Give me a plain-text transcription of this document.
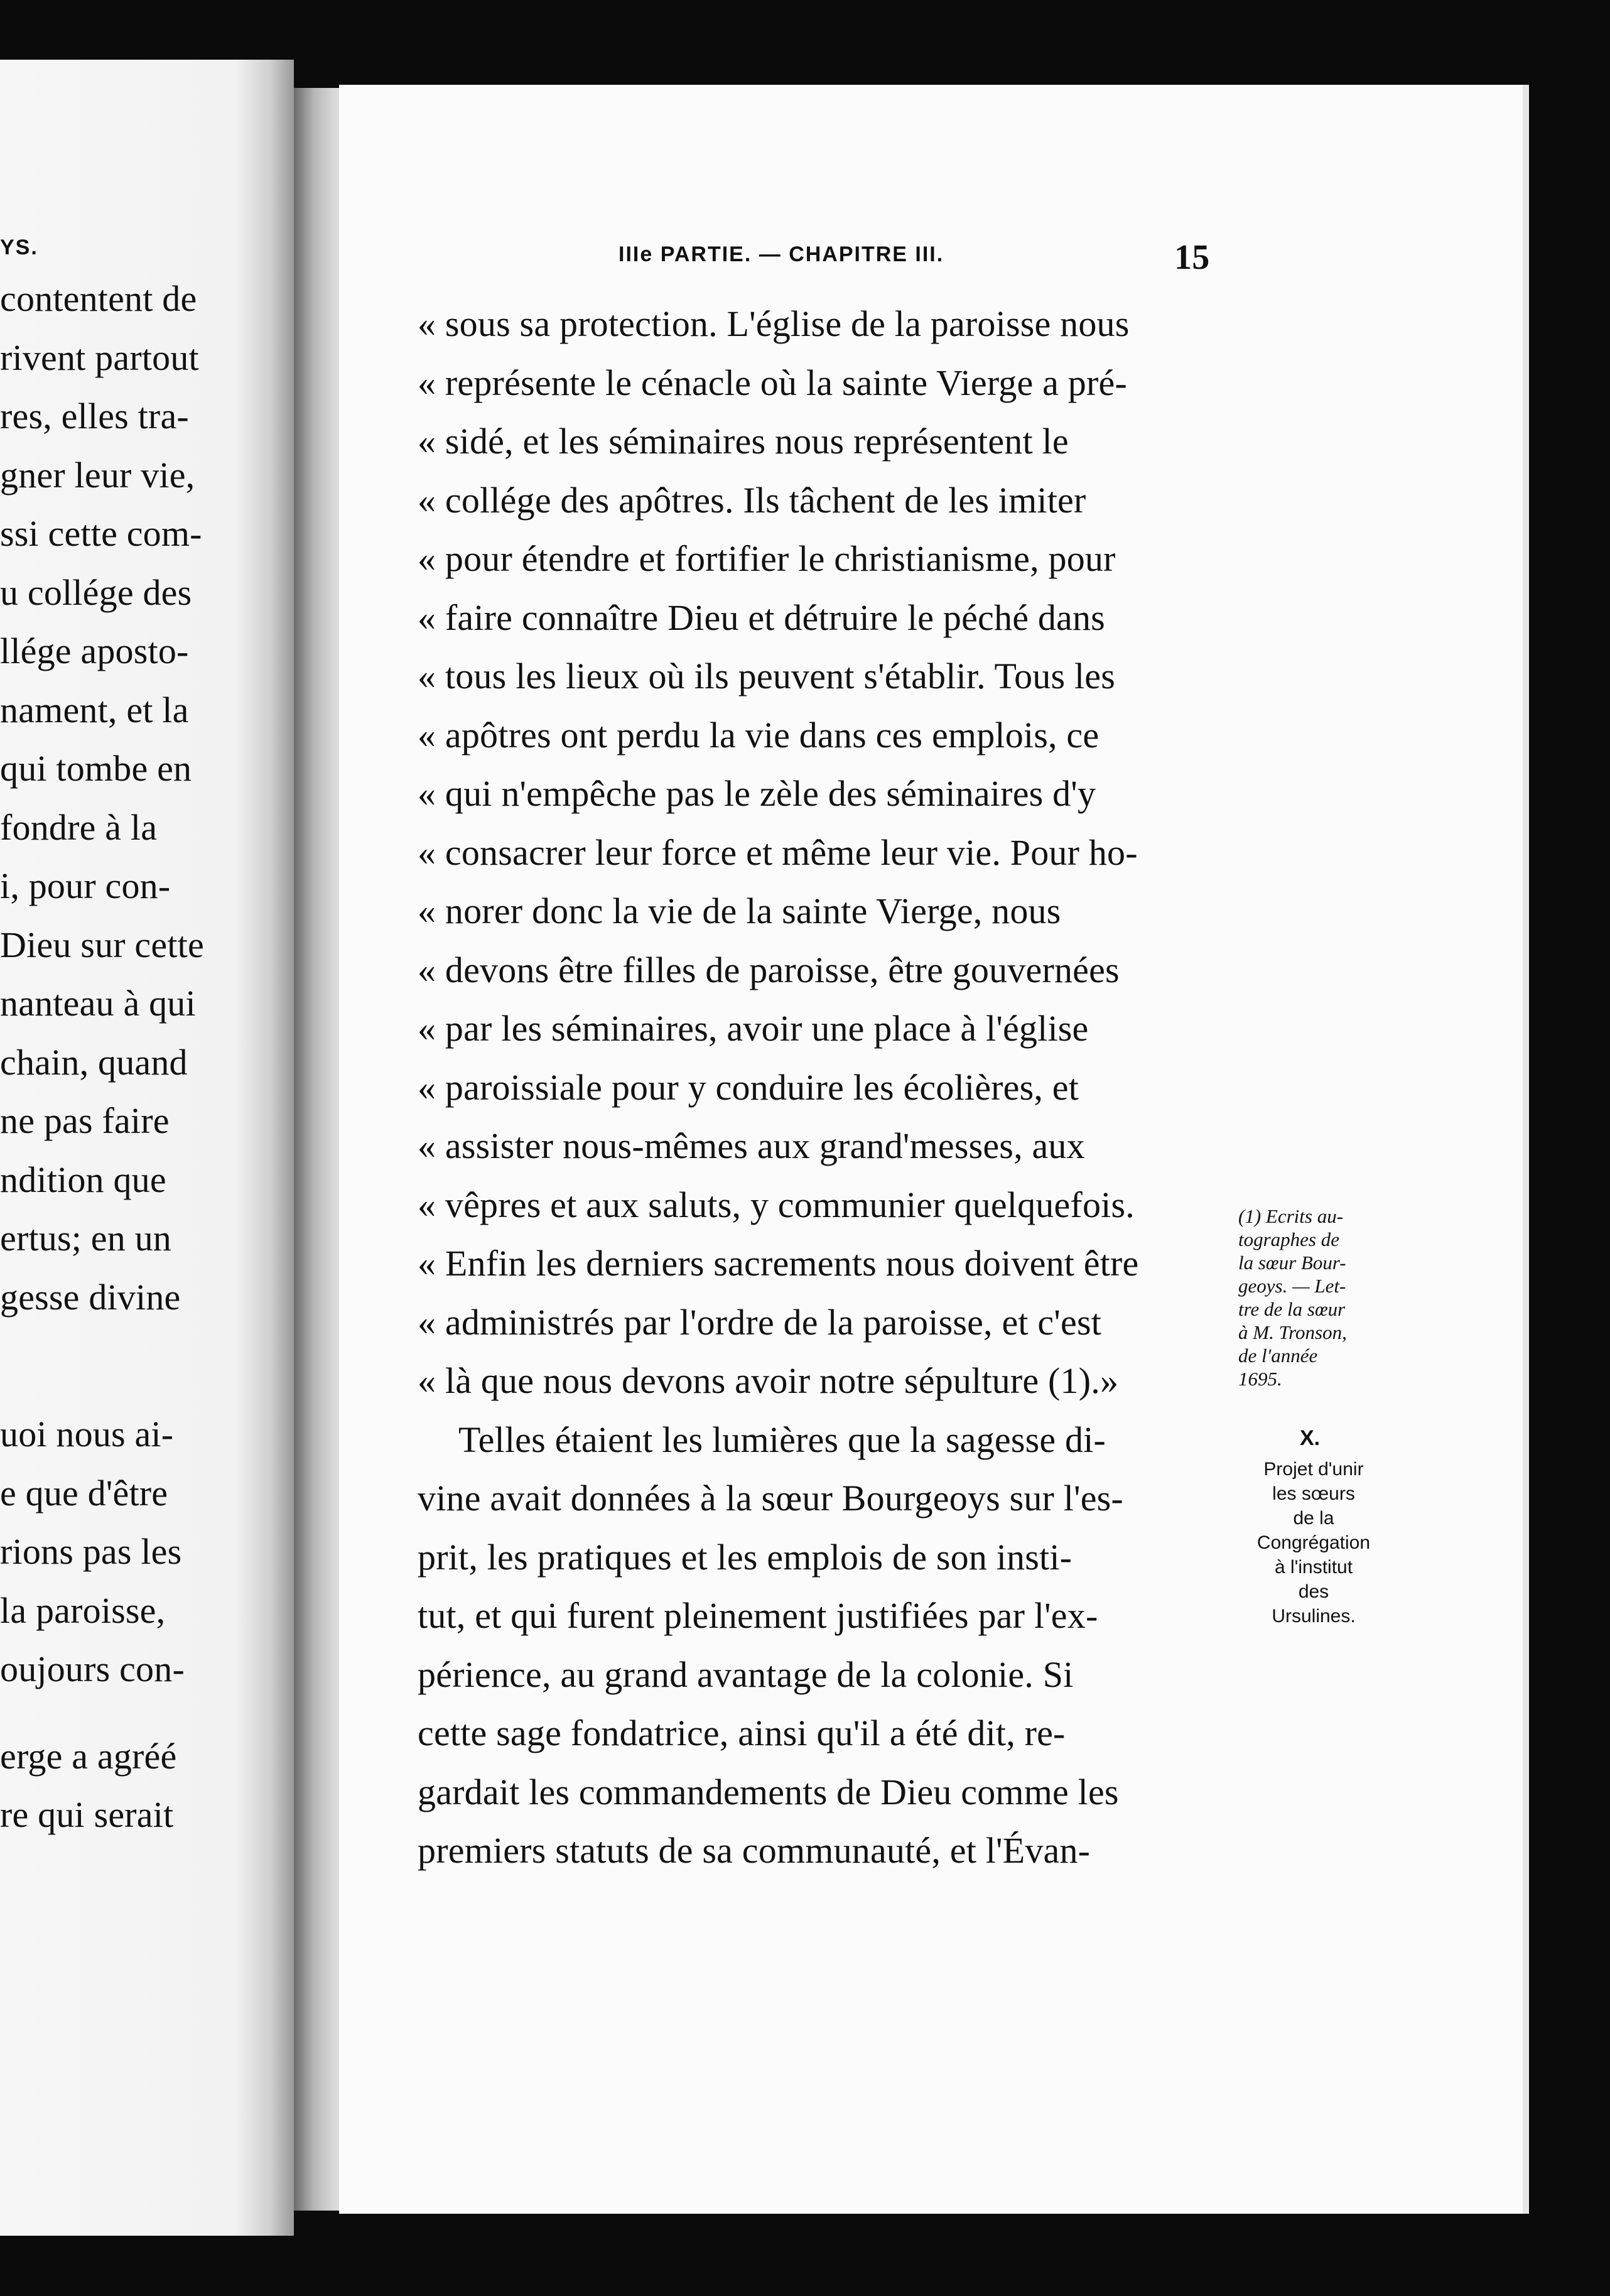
YS.
contentent de
rivent partout
res, elles tra-
gner leur vie,
ssi cette com-
u collége des
llége aposto-
nament, et la
qui tombe en
fondre à la
i, pour con-
Dieu sur cette
nanteau à qui
chain, quand
ne pas faire
ndition que
ertus; en un
gesse divine
uoi nous ai-
e que d'être
rions pas les
la paroisse,
oujours con-
erge a agréé
re qui serait
IIIe PARTIE. — CHAPITRE III.	15
« sous sa protection. L'église de la paroisse nous
« représente le cénacle où la sainte Vierge a pré-
« sidé, et les séminaires nous représentent le
« collége des apôtres. Ils tâchent de les imiter
« pour étendre et fortifier le christianisme, pour
« faire connaître Dieu et détruire le péché dans
« tous les lieux où ils peuvent s'établir. Tous les
« apôtres ont perdu la vie dans ces emplois, ce
« qui n'empêche pas le zèle des séminaires d'y
« consacrer leur force et même leur vie. Pour ho-
« norer donc la vie de la sainte Vierge, nous
« devons être filles de paroisse, être gouvernées
« par les séminaires, avoir une place à l'église
« paroissiale pour y conduire les écolières, et
« assister nous-mêmes aux grand'messes, aux
« vêpres et aux saluts, y communier quelquefois.
« Enfin les derniers sacrements nous doivent être
« administrés par l'ordre de la paroisse, et c'est
« là que nous devons avoir notre sépulture (1).»
Telles étaient les lumières que la sagesse di-
vine avait données à la sœur Bourgeoys sur l'es-
prit, les pratiques et les emplois de son insti-
tut, et qui furent pleinement justifiées par l'ex-
périence, au grand avantage de la colonie. Si
cette sage fondatrice, ainsi qu'il a été dit, re-
gardait les commandements de Dieu comme les
premiers statuts de sa communauté, et l'Évan-
(1) Ecrits au-
tographes de
la sœur Bour-
geoys. — Let-
tre de la sœur
à M. Tronson,
de l'année
1695.
X.
Projet d'unir
les sœurs
de la
Congrégation
à l'institut
des
Ursulines.
